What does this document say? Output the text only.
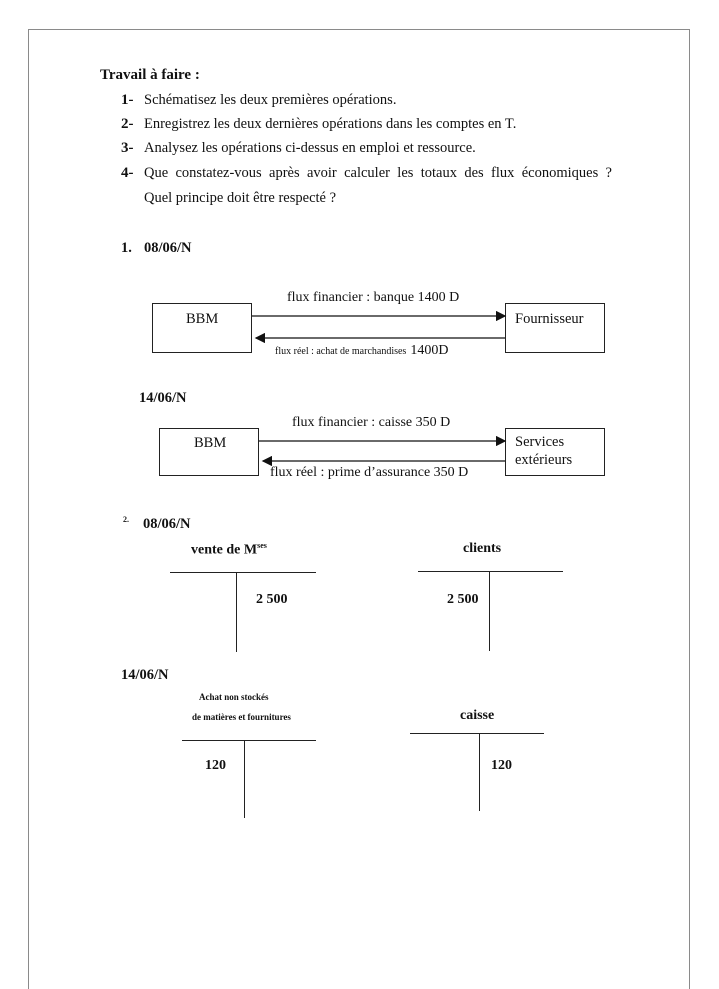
Travail à faire :
1- Schématisez les deux premières opérations.
2- Enregistrez les deux dernières opérations dans les comptes en T.
3- Analysez les opérations ci-dessus en emploi et ressource.
4- Que constatez-vous après avoir calculer les totaux des flux économiques ?
Quel principe doit être respecté ?
1. 08/06/N
BBM	Fournisseur
flux financier : banque 1400 D
flux réel : achat de marchandises 1400D
14/06/N
BBM	Services
extérieurs
flux financier : caisse 350 D
flux réel : prime d’assurance 350 D
2. 08/06/N
vente de $M^{ses}$
2 500
clients
2 500
14/06/N
Achat non stockés
de matières et fournitures
120
caisse
120
